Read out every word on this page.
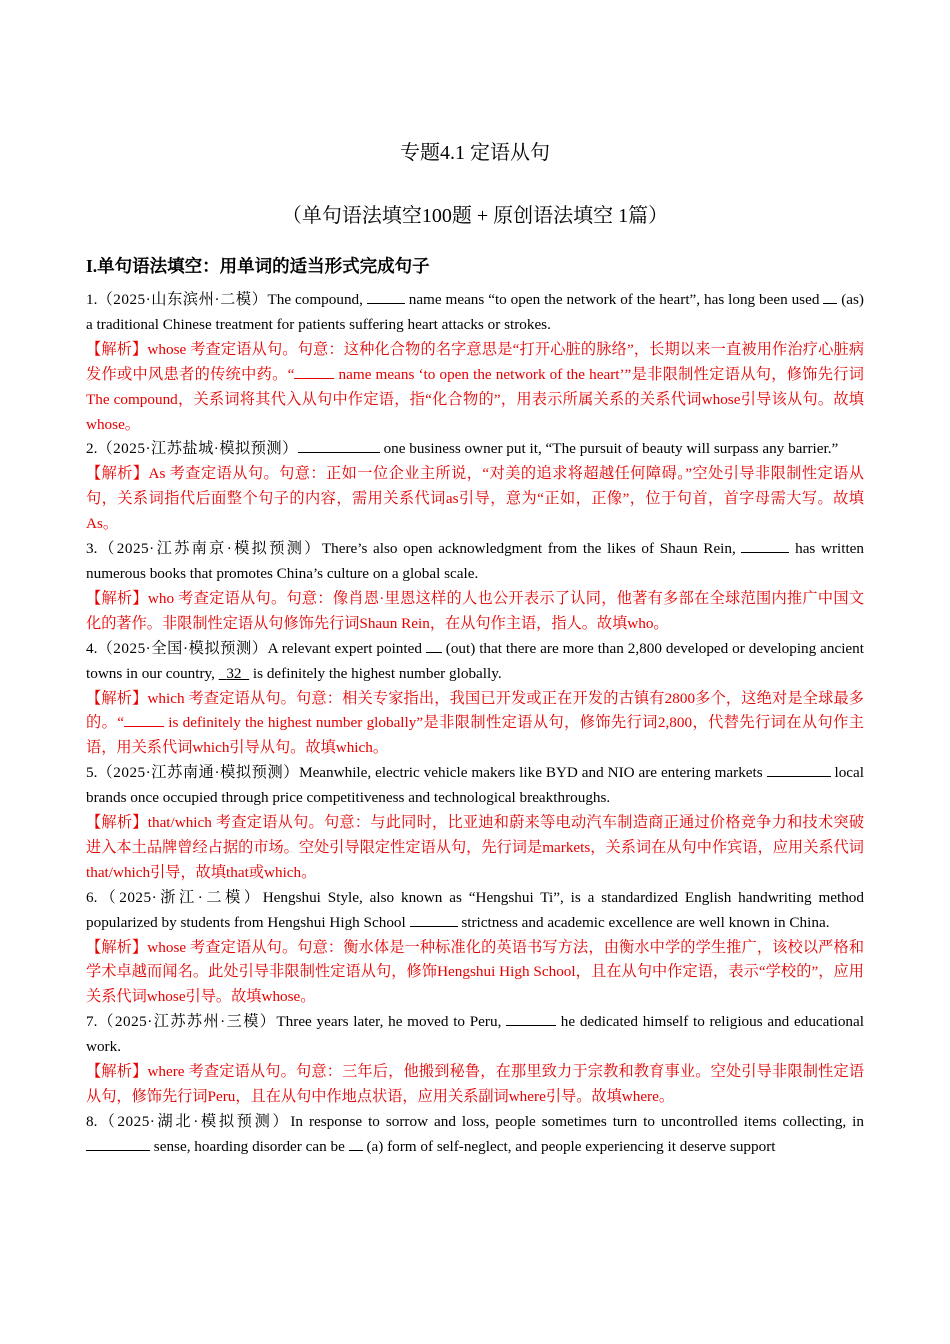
专题4.1 定语从句
（单句语法填空100题 + 原创语法填空 1篇）
I.单句语法填空：用单词的适当形式完成句子

1.（2025·山东滨州·二模）The compound,	name means “to open the network of the heart”, has long been used  (as) a traditional Chinese treatment for patients suffering heart attacks or strokes.

【解析】whose 考查定语从句。句意：这种化合物的名字意思是“打开心脏的脉络”，长期以来一直被用作治疗心脏病发作或中风患者的传统中药。“	name means ‘to open the network of the heart’”是非限制性定语从句，修饰先行词The compound，关系词将其代入从句中作定语，指“化合物的”，用表示所属关系的关系代词whose引导该从句。故填whose。

2.（2025·江苏盐城·模拟预测）	one business owner put it, “The pursuit of beauty will surpass any barrier.”

【解析】As 考查定语从句。句意：正如一位企业主所说，“对美的追求将超越任何障碍。”空处引导非限制性定语从句，关系词指代后面整个句子的内容，需用关系代词as引导，意为“正如，正像”，位于句首，首字母需大写。故填As。

3.（2025·江苏南京·模拟预测）There’s also open acknowledgment from the likes of Shaun Rein,	has written numerous books that promotes China’s culture on a global scale.

【解析】who 考查定语从句。句意：像肖恩·里恩这样的人也公开表示了认同，他著有多部在全球范围内推广中国文化的著作。非限制性定语从句修饰先行词Shaun Rein，在从句作主语，指人。故填who。

4.（2025·全国·模拟预测）A relevant expert pointed  (out) that there are more than 2,800 developed or developing ancient towns in our country,   32   is definitely the highest number globally.

【解析】which 考查定语从句。句意：相关专家指出，我国已开发或正在开发的古镇有2800多个，这绝对是全球最多的。“	is definitely the highest number globally”是非限制性定语从句，修饰先行词2,800，代替先行词在从句作主语，用关系代词which引导从句。故填which。

5.（2025·江苏南通·模拟预测）Meanwhile, electric vehicle makers like BYD and NIO are entering markets	local brands once occupied through price competitiveness and technological breakthroughs.

【解析】that/which 考查定语从句。句意：与此同时，比亚迪和蔚来等电动汽车制造商正通过价格竞争力和技术突破进入本土品牌曾经占据的市场。空处引导限定性定语从句，先行词是markets，关系词在从句中作宾语，应用关系代词that/which引导，故填that或which。

6.（2025·浙江·二模）Hengshui Style, also known as “Hengshui Ti”, is a standardized English handwriting method popularized by students from Hengshui High School	strictness and academic excellence are well known in China.

【解析】whose 考查定语从句。句意：衡水体是一种标准化的英语书写方法，由衡水中学的学生推广，该校以严格和学术卓越而闻名。此处引导非限制性定语从句，修饰Hengshui High School，且在从句中作定语，表示“学校的”，应用关系代词whose引导。故填whose。

7.（2025·江苏苏州·三模）Three years later, he moved to Peru,	he dedicated himself to religious and educational work.

【解析】where 考查定语从句。句意：三年后，他搬到秘鲁，在那里致力于宗教和教育事业。空处引导非限制性定语从句，修饰先行词Peru，且在从句中作地点状语，应用关系副词where引导。故填where。

8.（2025·湖北·模拟预测）In response to sorrow and loss, people sometimes turn to uncontrolled items collecting, in  sense, hoarding disorder can be  (a) form of self-neglect, and people experiencing it deserve support
